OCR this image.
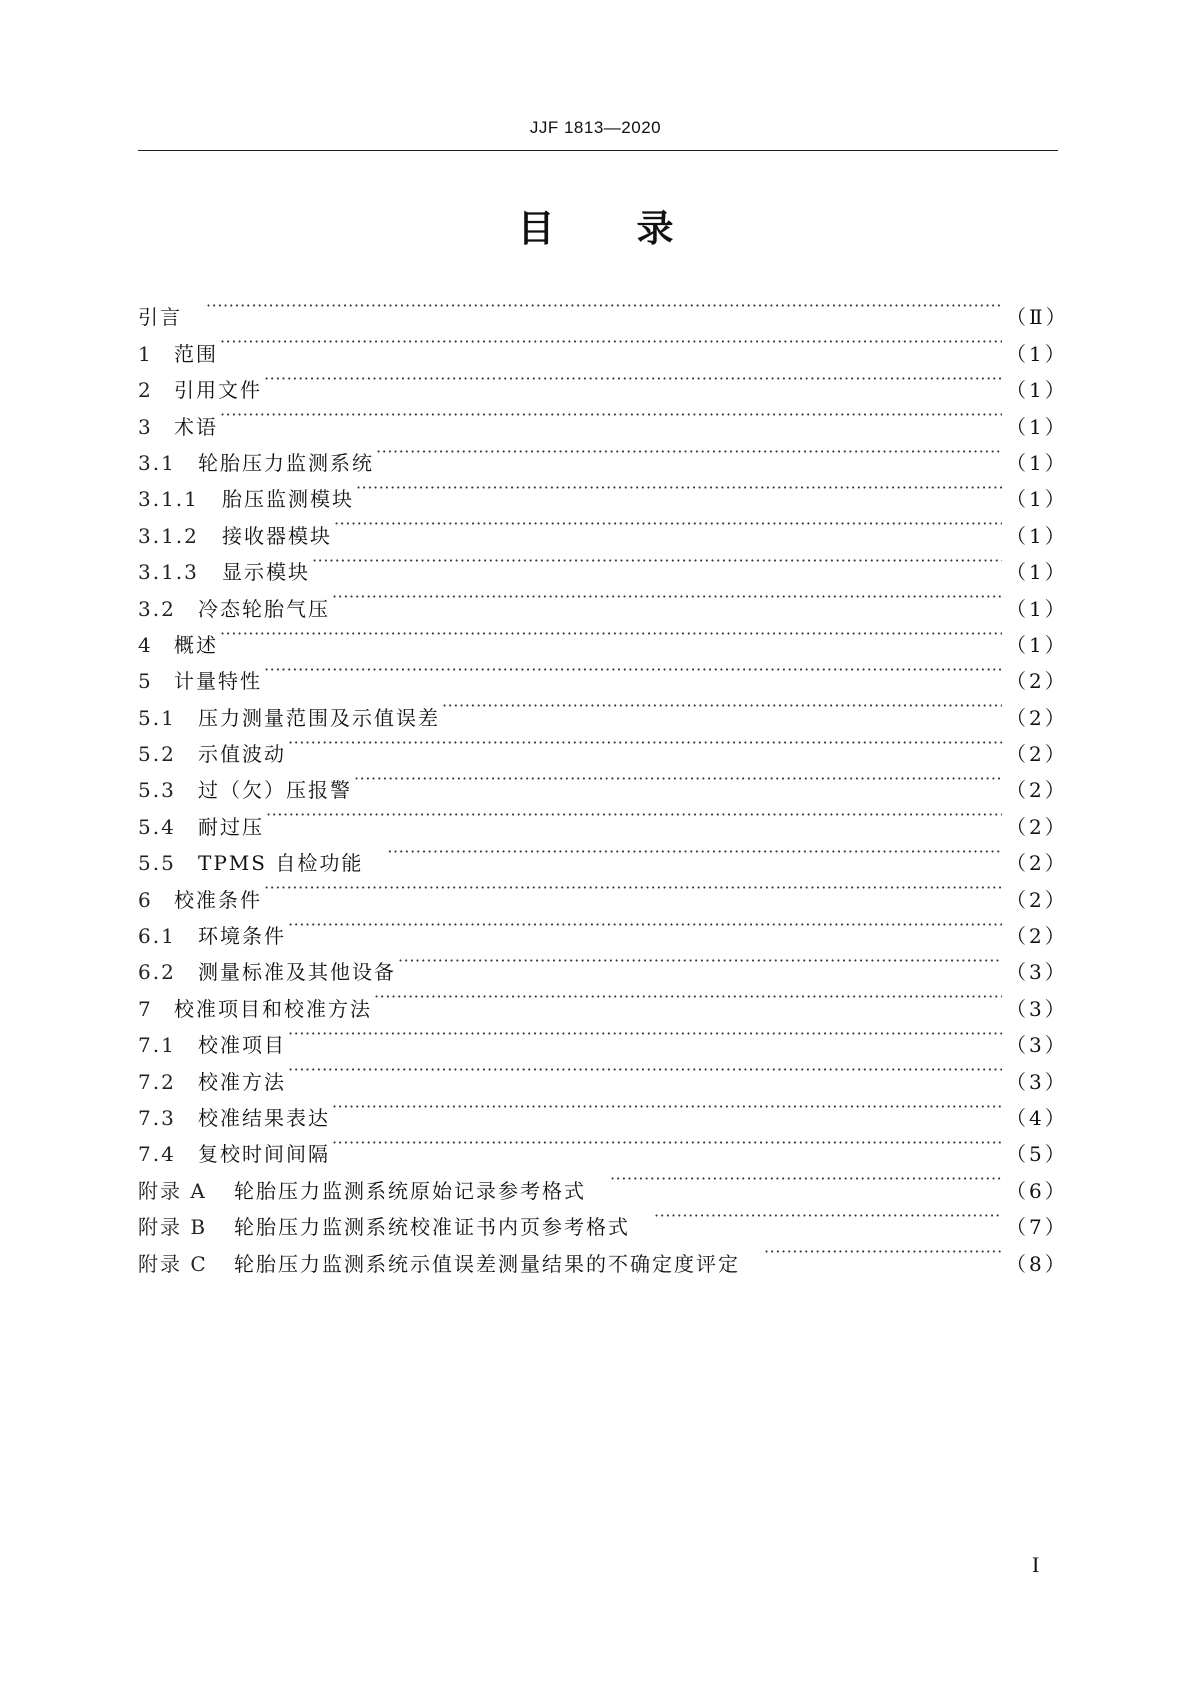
JJF 1813—2020
目 录
引言 ·····	（Ⅱ）
1	范围 ·····	（1）
2	引用文件 ·····	（1）
3	术语 ·····	（1）
3.1	轮胎压力监测系统 ·····	（1）
3.1.1	胎压监测模块 ·····	（1）
3.1.2	接收器模块 ·····	（1）
3.1.3	显示模块 ·····	（1）
3.2	冷态轮胎气压 ·····	（1）
4	概述 ·····	（1）
5	计量特性 ·····	（2）
5.1	压力测量范围及示值误差 ·····	（2）
5.2	示值波动 ·····	（2）
5.3	过（欠）压报警 ·····	（2）
5.4	耐过压 ·····	（2）
5.5	TPMS 自检功能 ·····	（2）
6	校准条件 ·····	（2）
6.1	环境条件 ·····	（2）
6.2	测量标准及其他设备 ·····	（3）
7	校准项目和校准方法 ·····	（3）
7.1	校准项目 ·····	（3）
7.2	校准方法 ·····	（3）
7.3	校准结果表达 ·····	（4）
7.4	复校时间间隔 ·····	（5）
附录 A	轮胎压力监测系统原始记录参考格式 ·····	（6）
附录 B	轮胎压力监测系统校准证书内页参考格式 ·····	（7）
附录 C	轮胎压力监测系统示值误差测量结果的不确定度评定 ·····	（8）
I
